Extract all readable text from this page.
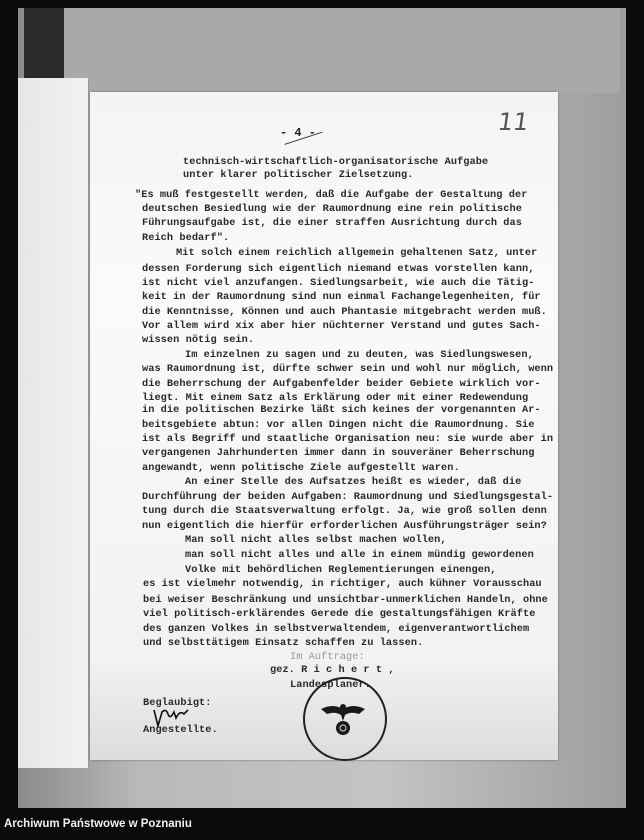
- 4 -	11
technisch-wirtschaftlich-organisatorische Aufgabe
unter klarer politischer Zielsetzung.
"Es muß festgestellt werden, daß die Aufgabe der Gestaltung der
deutschen Besiedlung wie der Raumordnung eine rein politische
Führungsaufgabe ist, die einer straffen Ausrichtung durch das
Reich bedarf".
Mit solch einem reichlich allgemein gehaltenen Satz, unter
dessen Forderung sich eigentlich niemand etwas vorstellen kann,
ist nicht viel anzufangen. Siedlungsarbeit, wie auch die Tätig-
keit in der Raumordnung sind nun einmal Fachangelegenheiten, für
die Kenntnisse, Können und auch Phantasie mitgebracht werden muß.
Vor allem wird xix aber hier nüchterner Verstand und gutes Sach-
wissen nötig sein.
Im einzelnen zu sagen und zu deuten, was Siedlungswesen,
was Raumordnung ist, dürfte schwer sein und wohl nur möglich, wenn
die Beherrschung der Aufgabenfelder beider Gebiete wirklich vor-
liegt. Mit einem Satz als Erklärung oder mit einer Redewendung
in die politischen Bezirke läßt sich keines der vorgenannten Ar-
beitsgebiete abtun: vor allen Dingen nicht die Raumordnung. Sie
ist als Begriff und staatliche Organisation neu: sie wurde aber in
vergangenen Jahrhunderten immer dann in souveräner Beherrschung
angewandt, wenn politische Ziele aufgestellt waren.
An einer Stelle des Aufsatzes heißt es wieder, daß die
Durchführung der beiden Aufgaben: Raumordnung und Siedlungsgestal-
tung durch die Staatsverwaltung erfolgt. Ja, wie groß sollen denn
nun eigentlich die hierfür erforderlichen Ausführungsträger sein?
Man soll nicht alles selbst machen wollen,
man soll nicht alles und alle in einem mündig gewordenen
Volke mit behördlichen Reglementierungen einengen,
es ist vielmehr notwendig, in richtiger, auch kühner Vorausschau
bei weiser Beschränkung und unsichtbar-unmerklichen Handeln, ohne
viel politisch-erklärendes Gerede die gestaltungsfähigen Kräfte
des ganzen Volkes in selbstverwaltendem, eigenverantwortlichem
und selbsttätigem Einsatz schaffen zu lassen.
Im Auftrage:
gez. R i c h e r t ,
Landesplaner.
Beglaubigt:
Angestellte.
Archiwum Państwowe w Poznaniu
